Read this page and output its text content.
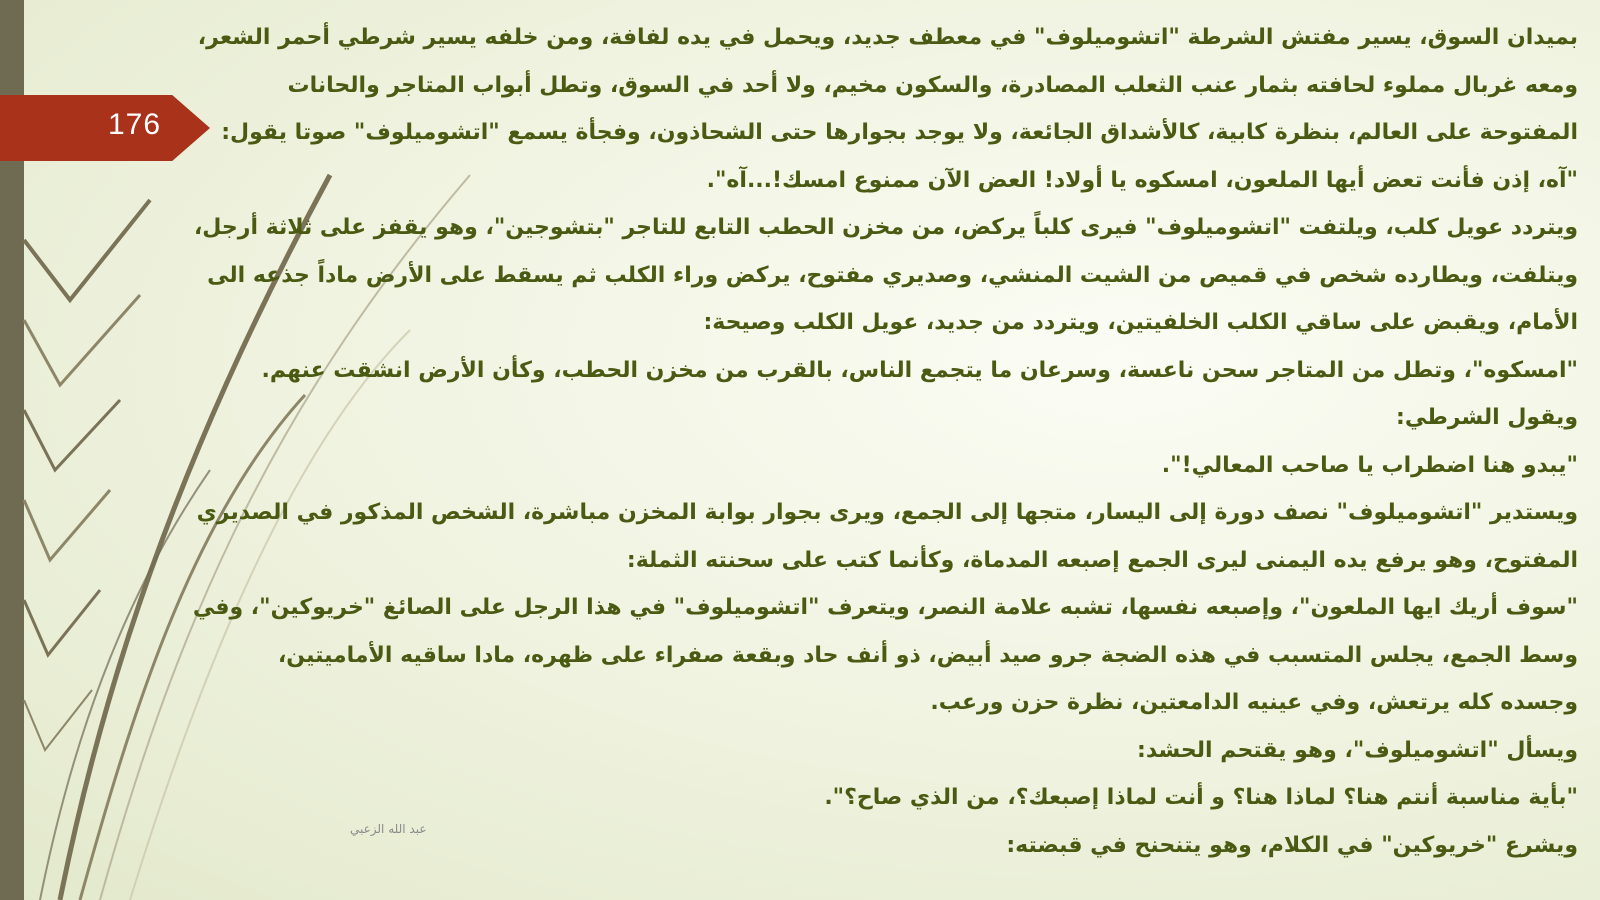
176
بميدان السوق، يسير مفتش الشرطة "اتشوميلوف" في معطف جديد، ويحمل في يده لفافة، ومن خلفه يسير شرطي أحمر الشعر،
ومعه غربال مملوء لحافته بثمار عنب الثعلب المصادرة، والسكون مخيم، ولا أحد في السوق، وتطل أبواب المتاجر والحانات
المفتوحة على العالم، بنظرة كابية، كالأشداق الجائعة، ولا يوجد بجوارها حتى الشحاذون، وفجأة يسمع "اتشوميلوف" صوتا يقول:
"آه، إذن فأنت تعض أيها الملعون، امسكوه يا أولاد! العض الآن ممنوع امسك!...آه".
ويتردد عويل كلب، ويلتفت "اتشوميلوف" فيرى كلباً يركض، من مخزن الحطب التابع للتاجر "بتشوجين"، وهو يقفز على ثلاثة أرجل،
ويتلفت، ويطارده شخص في قميص من الشيت المنشي، وصديري مفتوح، يركض وراء الكلب ثم يسقط على الأرض ماداً جذعه الى
الأمام، ويقبض على ساقي الكلب الخلفيتين، ويتردد من جديد، عويل الكلب وصيحة:
"امسكوه"، وتطل من المتاجر سحن ناعسة، وسرعان ما يتجمع الناس، بالقرب من مخزن الحطب، وكأن الأرض انشقت عنهم.
ويقول الشرطي:
"يبدو هنا اضطراب يا صاحب المعالي!".
ويستدير "اتشوميلوف" نصف دورة إلى اليسار، متجها إلى الجمع، ويرى بجوار بوابة المخزن مباشرة، الشخص المذكور في الصديري
المفتوح، وهو يرفع يده اليمنى ليرى الجمع إصبعه المدماة، وكأنما كتب على سحنته الثملة:
"سوف أريك ايها الملعون"، وإصبعه نفسها، تشبه علامة النصر، ويتعرف "اتشوميلوف" في هذا الرجل على الصائغ "خريوكين"، وفي
وسط الجمع، يجلس المتسبب في هذه الضجة جرو صيد أبيض، ذو أنف حاد وبقعة صفراء على ظهره، مادا ساقيه الأماميتين،
وجسده كله يرتعش، وفي عينيه الدامعتين، نظرة حزن ورعب.
ويسأل "اتشوميلوف"، وهو يقتحم الحشد:
"بأية مناسبة أنتم هنا؟ لماذا هنا؟ و أنت لماذا إصبعك؟، من الذي صاح؟".
ويشرع "خريوكين" في الكلام، وهو يتنحنح في قبضته:
عبد الله الزعبي
